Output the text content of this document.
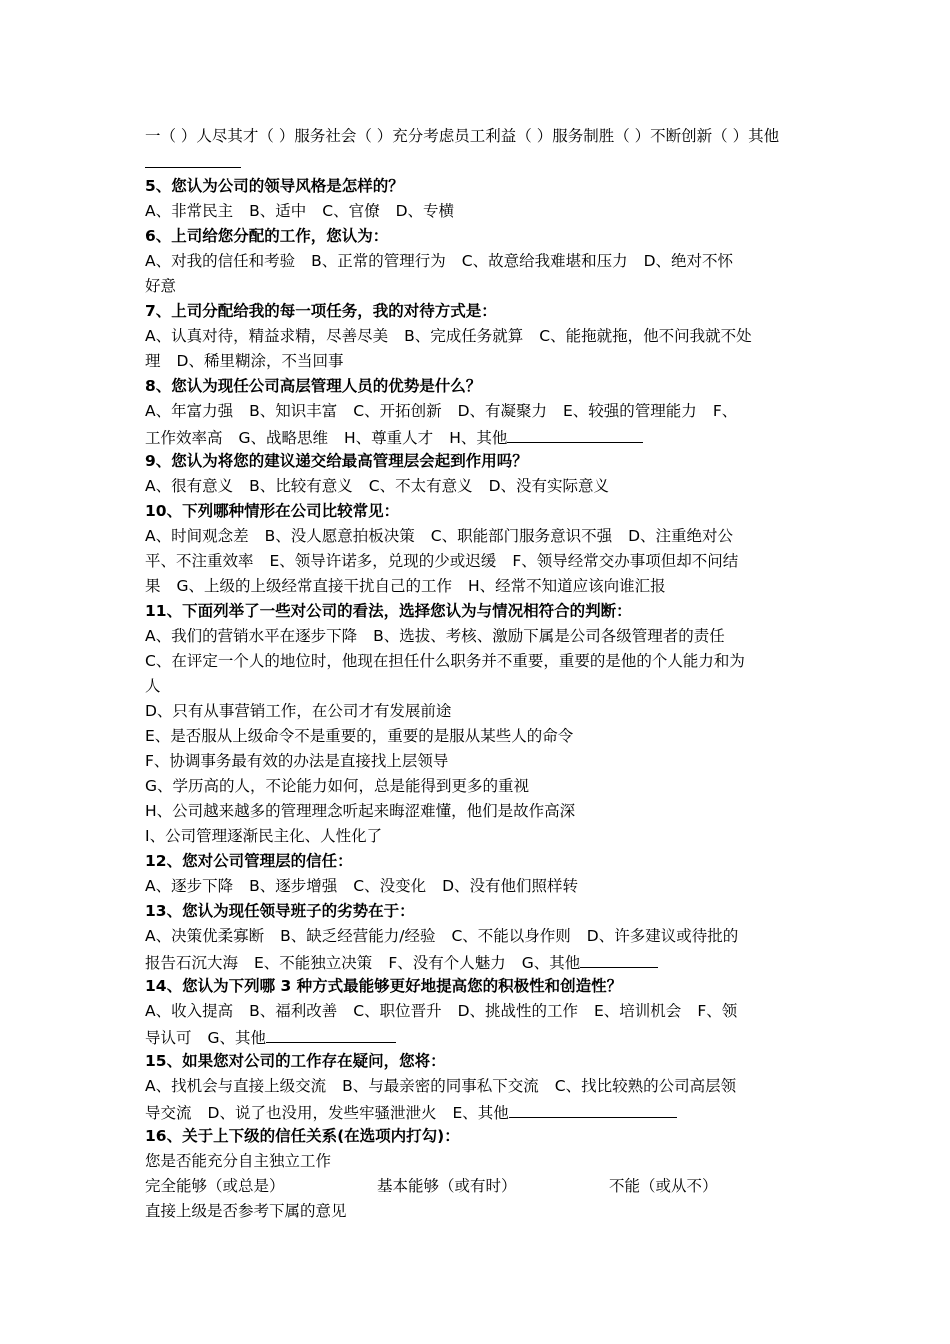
一（ ）人尽其才（ ）服务社会（ ）充分考虑员工利益（ ）服务制胜（ ）不断创新（ ）其他
5、您认为公司的领导风格是怎样的？
A、非常民主 B、适中 C、官僚 D、专横
6、上司给您分配的工作，您认为：
A、对我的信任和考验 B、正常的管理行为 C、故意给我难堪和压力 D、绝对不怀
好意
7、上司分配给我的每一项任务，我的对待方式是：
A、认真对待，精益求精，尽善尽美 B、完成任务就算 C、能拖就拖，他不问我就不处
理 D、稀里糊涂，不当回事
8、您认为现任公司高层管理人员的优势是什么？
A、年富力强 B、知识丰富 C、开拓创新 D、有凝聚力 E、较强的管理能力 F、
工作效率高 G、战略思维 H、尊重人才 H、其他
9、您认为将您的建议递交给最高管理层会起到作用吗？
A、很有意义 B、比较有意义 C、不太有意义 D、没有实际意义
10、下列哪种情形在公司比较常见：
A、时间观念差 B、没人愿意拍板决策 C、职能部门服务意识不强 D、注重绝对公
平、不注重效率 E、领导许诺多，兑现的少或迟缓 F、领导经常交办事项但却不问结
果 G、上级的上级经常直接干扰自己的工作 H、经常不知道应该向谁汇报
11、下面列举了一些对公司的看法，选择您认为与情况相符合的判断：
A、我们的营销水平在逐步下降 B、选拔、考核、激励下属是公司各级管理者的责任
C、在评定一个人的地位时，他现在担任什么职务并不重要，重要的是他的个人能力和为
人
D、只有从事营销工作，在公司才有发展前途
E、是否服从上级命令不是重要的，重要的是服从某些人的命令
F、协调事务最有效的办法是直接找上层领导
G、学历高的人，不论能力如何，总是能得到更多的重视
H、公司越来越多的管理理念听起来晦涩难懂，他们是故作高深
I、公司管理逐渐民主化、人性化了
12、您对公司管理层的信任：
A、逐步下降 B、逐步增强 C、没变化 D、没有他们照样转
13、您认为现任领导班子的劣势在于：
A、决策优柔寡断 B、缺乏经营能力/经验 C、不能以身作则 D、许多建议或待批的
报告石沉大海 E、不能独立决策 F、没有个人魅力 G、其他
14、您认为下列哪 3 种方式最能够更好地提高您的积极性和创造性？
A、收入提高 B、福利改善 C、职位晋升 D、挑战性的工作 E、培训机会 F、领
导认可 G、其他
15、如果您对公司的工作存在疑问，您将：
A、找机会与直接上级交流 B、与最亲密的同事私下交流 C、找比较熟的公司高层领
导交流 D、说了也没用，发些牢骚泄泄火 E、其他
16、关于上下级的信任关系(在选项内打勾)：
您是否能充分自主独立工作
完全能够（或总是）	基本能够（或有时）	不能（或从不）
直接上级是否参考下属的意见
